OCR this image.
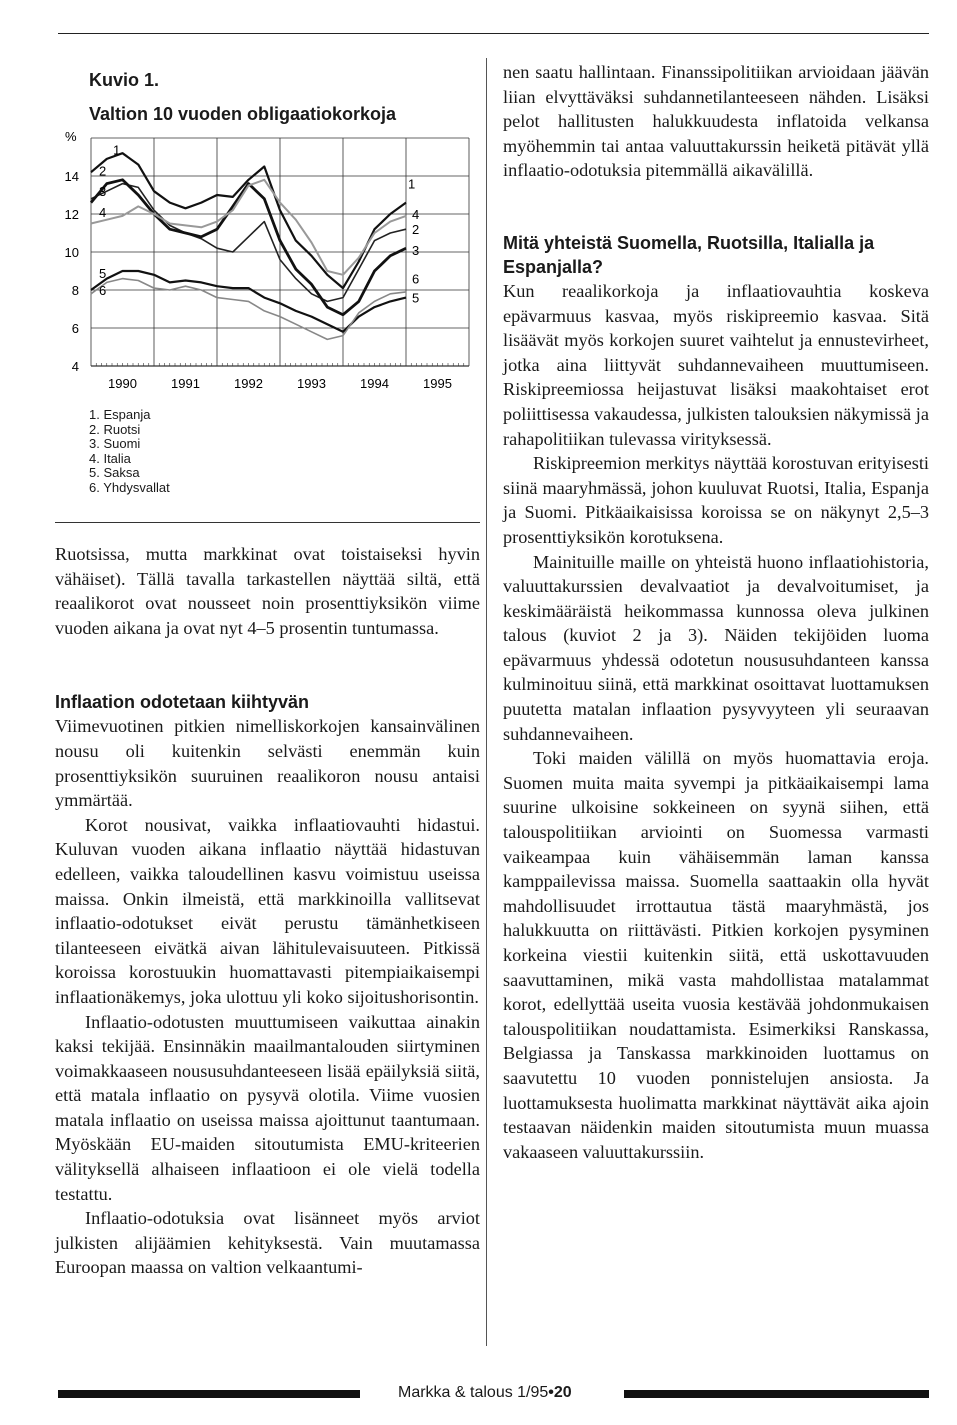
Kuvio 1.
Valtion 10 vuoden obligaatiokorkoja
%
14
12
10
8
6
4
1990	1991	1992	1993	1994	1995
1
2
3
4
5
6
1
4
2
3
6
5
1. Espanja
2. Ruotsi
3. Suomi
4. Italia
5. Saksa
6. Yhdysvallat

Ruotsissa, mutta markkinat ovat toistaiseksi hyvin vähäiset). Tällä tavalla tarkastellen näyttää siltä, että reaalikorot ovat nousseet noin prosenttiyksikön viime vuoden aikana ja ovat nyt 4–5 prosentin tuntumassa.

Inflaation odotetaan kiihtyvän

Viimevuotinen pitkien nimelliskorkojen kansainvälinen nousu oli kuitenkin selvästi enemmän kuin prosenttiyksikön suuruinen reaalikoron nousu antaisi ymmärtää.

Korot nousivat, vaikka inflaatiovauhti hidastui. Kuluvan vuoden aikana inflaatio näyttää hidastuvan edelleen, vaikka taloudellinen kasvu voimistuu useissa maissa. Onkin ilmeistä, että markkinoilla vallitsevat inflaatio-odotukset eivät perustu tämänhetkiseen tilanteeseen eivätkä aivan lähitulevaisuuteen. Pitkissä koroissa korostuukin huomattavasti pitempiaikaisempi inflaationäkemys, joka ulottuu yli koko sijoitushorisontin.

Inflaatio-odotusten muuttumiseen vaikuttaa ainakin kaksi tekijää. Ensinnäkin maailmantalouden siirtyminen voimakkaaseen noususuhdanteeseen lisää epäilyksiä siitä, että matala inflaatio on pysyvä olotila. Viime vuosien matala inflaatio on useissa maissa ajoittunut taantumaan. Myöskään EU-maiden sitoutumista EMU-kriteerien välityksellä alhaiseen inflaatioon ei ole vielä todella testattu.

Inflaatio-odotuksia ovat lisänneet myös arviot julkisten alijäämien kehityksestä. Vain muutamassa Euroopan maassa on valtion velkaantumi-

nen saatu hallintaan. Finanssipolitiikan arvioidaan jäävän liian elvyttäväksi suhdannetilanteeseen nähden. Lisäksi pelot hallitusten halukkuudesta inflatoida velkansa myöhemmin tai antaa valuuttakurssin heiketä pitävät yllä inflaatio-odotuksia pitemmällä aikavälillä.

Mitä yhteistä Suomella, Ruotsilla, Italialla ja Espanjalla?

Kun reaalikorkoja ja inflaatiovauhtia koskeva epävarmuus kasvaa, myös riskipreemio kasvaa. Sitä lisäävät myös korkojen suuret vaihtelut ja ennustevirheet, jotka aina liittyvät suhdannevaiheen muuttumiseen. Riskipreemiossa heijastuvat lisäksi maakohtaiset erot poliittisessa vakaudessa, julkisten talouksien näkymissä ja rahapolitiikan tulevassa virityksessä.

Riskipreemion merkitys näyttää korostuvan erityisesti siinä maaryhmässä, johon kuuluvat Ruotsi, Italia, Espanja ja Suomi. Pitkäaikaisissa koroissa se on näkynyt 2,5–3 prosenttiyksikön korotuksena.

Mainituille maille on yhteistä huono inflaatiohistoria, valuuttakurssien devalvaatiot ja devalvoitumiset, ja keskimääräistä heikommassa kunnossa oleva julkinen talous (kuviot 2 ja 3). Näiden tekijöiden luoma epävarmuus yhdessä odotetun noususuhdanteen kanssa kulminoituu siinä, että markkinat osoittavat luottamuksen puutetta matalan inflaation pysyvyyteen yli seuraavan suhdannevaiheen.

Toki maiden välillä on myös huomattavia eroja. Suomen muita maita syvempi ja pitkäaikaisempi lama suurine ulkoisine sokkeineen on syynä siihen, että talouspolitiikan arviointi on Suomessa varmasti vaikeampaa kuin vähäisemmän laman kanssa kamppailevissa maissa. Suomella saattaakin olla hyvät mahdollisuudet irrottautua tästä maaryhmästä, jos halukkuutta on riittävästi. Pitkien korkojen pysyminen korkeina viestii kuitenkin siitä, että uskottavuuden saavuttaminen, mikä vasta mahdollistaa matalammat korot, edellyttää useita vuosia kestävää johdonmukaisen talouspolitiikan noudattamista. Esimerkiksi Ranskassa, Belgiassa ja Tanskassa markkinoiden luottamus on saavutettu 10 vuoden ponnistelujen ansiosta. Ja luottamuksesta huolimatta markkinat näyttävät aika ajoin testaavan näidenkin maiden sitoutumista muun muassa vakaaseen valuuttakurssiin.

Markka & talous 1/95•20
